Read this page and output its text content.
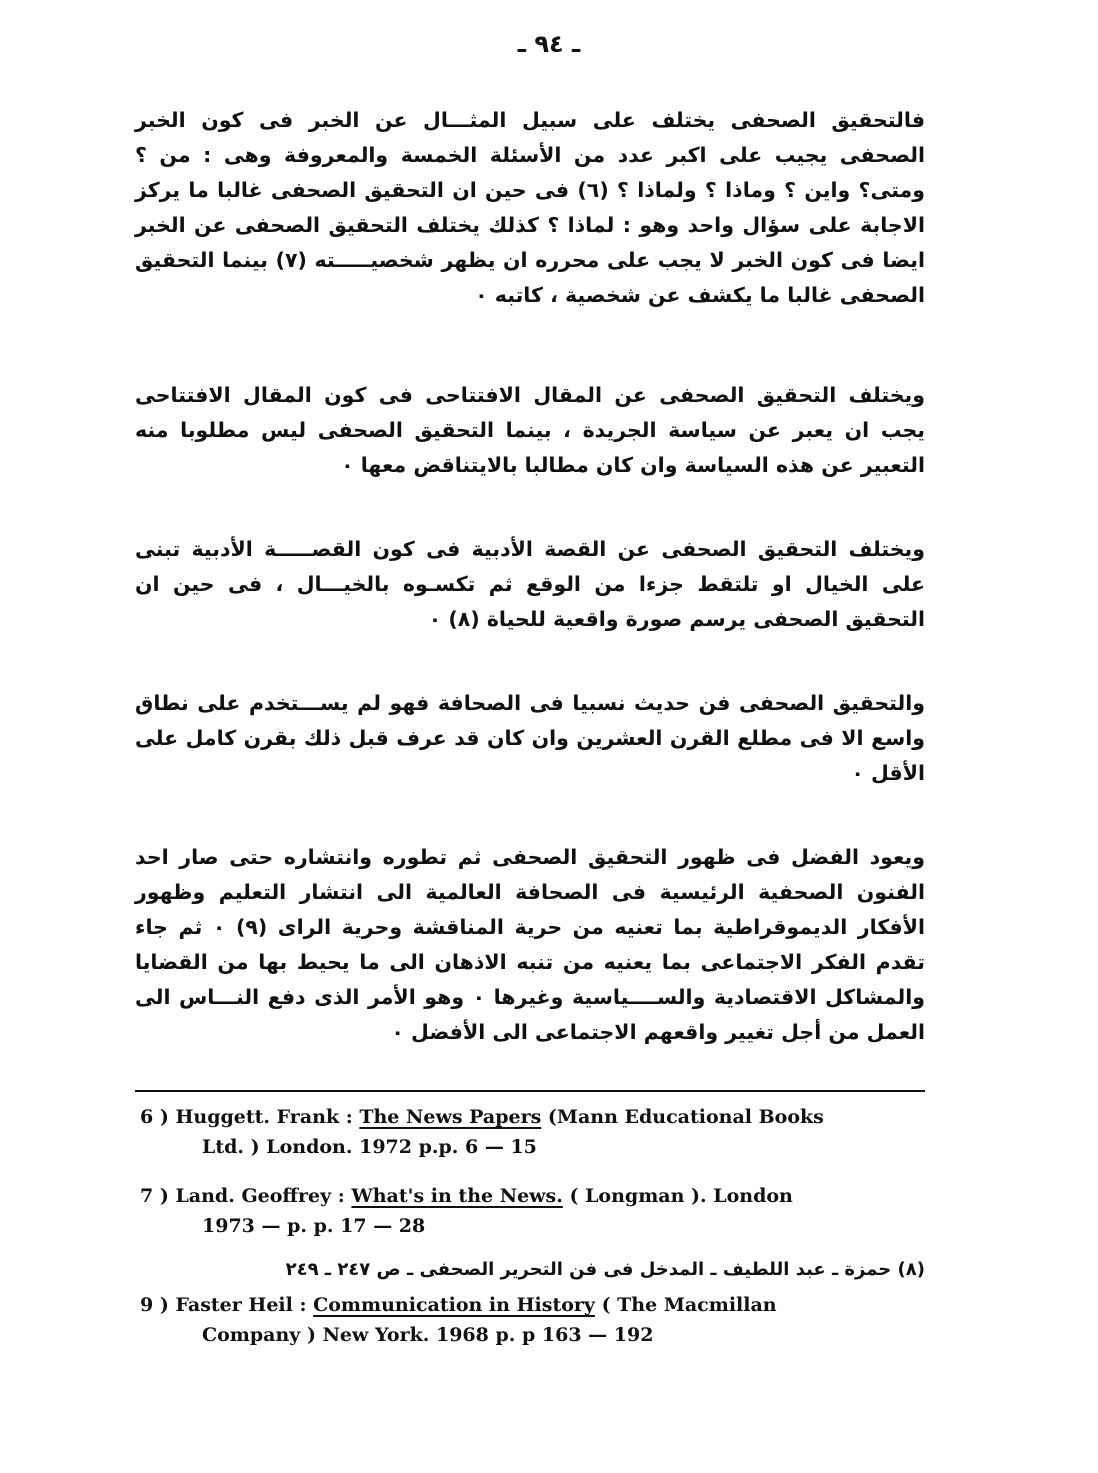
ـ ٩٤ ـ

فالتحقيق الصحفى يختلف على سبيل المثـــال عن الخبر فى كون الخبر الصحفى يجيب على اكبر عدد من الأسئلة الخمسة والمعروفة وهى : من ؟ ومتى؟ واين ؟ وماذا ؟ ولماذا ؟ (٦) فى حين ان التحقيق الصحفى غالبا ما يركز الاجابة على سؤال واحد وهو : لماذا ؟ كذلك يختلف التحقيق الصحفى عن الخبر ايضا فى كون الخبر لا يجب على محرره ان يظهر شخصيـــــته (٧) بينما التحقيق الصحفى غالبا ما يكشف عن شخصية ، كاتبه ٠

ويختلف التحقيق الصحفى عن المقال الافتتاحى فى كون المقال الافتتاحى يجب ان يعبر عن سياسة الجريدة ، بينما التحقيق الصحفى ليس مطلوبا منه التعبير عن هذه السياسة وان كان مطالبا بالايتناقض معها ٠

ويختلف التحقيق الصحفى عن القصة الأدبية فى كون القصـــــة الأدبية تبنى على الخيال او تلتقط جزءا من الوقع ثم تكسـوه بالخيـــال ، فى حين ان التحقيق الصحفى يرسم صورة واقعية للحياة (٨) ٠

والتحقيق الصحفى فن حديث نسبيا فى الصحافة فهو لم يســـتخدم على نطاق واسع الا فى مطلع القرن العشرين وان كان قد عرف قبل ذلك بقرن كامل على الأقل ٠

ويعود الفضل فى ظهور التحقيق الصحفى ثم تطوره وانتشاره حتى صار احد الفنون الصحفية الرئيسية فى الصحافة العالمية الى انتشار التعليم وظهور الأفكار الديموقراطية بما تعنيه من حرية المناقشة وحرية الراى (٩) ٠ ثم جاء تقدم الفكر الاجتماعى بما يعنيه من تنبه الاذهان الى ما يحيط بها من القضايا والمشاكل الاقتصادية والســــياسية وغيرها ٠ وهو الأمر الذى دفع النـــاس الى العمل من أجل تغيير واقعهم الاجتماعى الى الأفضل ٠

6 ) Huggett. Frank : The News Papers (Mann Educational Books
Ltd. ) London. 1972 p.p. 6 — 15
7 ) Land. Geoffrey : What's in the News. ( Longman ). London
1973 — p. p. 17 — 28
(٨) حمزة ـ عبد اللطيف ـ المدخل فى فن التحرير الصحفى ـ ص ٢٤٧ ـ ٢٤٩
9 ) Faster Heil : Communication in History ( The Macmillan
Company ) New York. 1968 p. p 163 — 192
